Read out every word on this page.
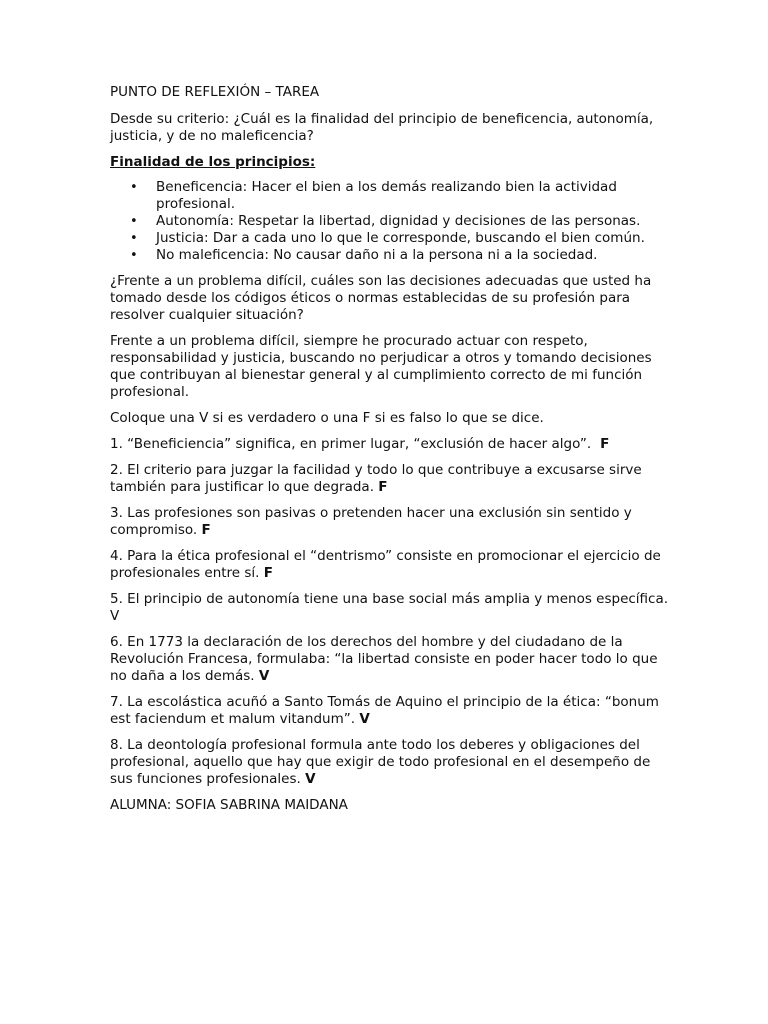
PUNTO DE REFLEXIÓN – TAREA

Desde su criterio: ¿Cuál es la finalidad del principio de beneficencia, autonomía, justicia, y de no maleficencia?

Finalidad de los principios:

• Beneficencia: Hacer el bien a los demás realizando bien la actividad profesional.
• Autonomía: Respetar la libertad, dignidad y decisiones de las personas.
• Justicia: Dar a cada uno lo que le corresponde, buscando el bien común.
• No maleficencia: No causar daño ni a la persona ni a la sociedad.

¿Frente a un problema difícil, cuáles son las decisiones adecuadas que usted ha tomado desde los códigos éticos o normas establecidas de su profesión para resolver cualquier situación?

Frente a un problema difícil, siempre he procurado actuar con respeto, responsabilidad y justicia, buscando no perjudicar a otros y tomando decisiones que contribuyan al bienestar general y al cumplimiento correcto de mi función profesional.

Coloque una V si es verdadero o una F si es falso lo que se dice.

1. “Beneficiencia” significa, en primer lugar, “exclusión de hacer algo”. F

2. El criterio para juzgar la facilidad y todo lo que contribuye a excusarse sirve también para justificar lo que degrada. F

3. Las profesiones son pasivas o pretenden hacer una exclusión sin sentido y compromiso. F

4. Para la ética profesional el “dentrismo” consiste en promocionar el ejercicio de profesionales entre sí. F

5. El principio de autonomía tiene una base social más amplia y menos específica. V

6. En 1773 la declaración de los derechos del hombre y del ciudadano de la Revolución Francesa, formulaba: “la libertad consiste en poder hacer todo lo que no daña a los demás. V

7. La escolástica acuñó a Santo Tomás de Aquino el principio de la ética: “bonum est faciendum et malum vitandum”. V

8. La deontología profesional formula ante todo los deberes y obligaciones del profesional, aquello que hay que exigir de todo profesional en el desempeño de sus funciones profesionales. V

ALUMNA: SOFIA SABRINA MAIDANA
